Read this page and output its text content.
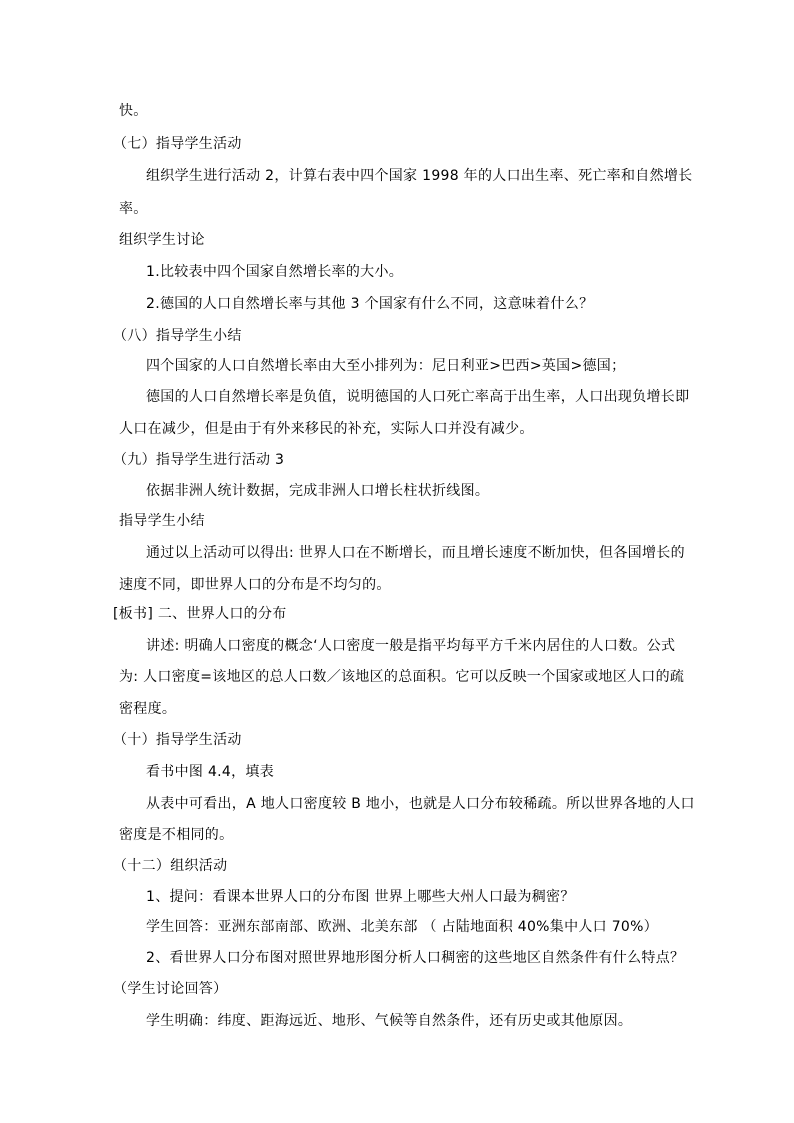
快。
（七）指导学生活动
组织学生进行活动 2，计算右表中四个国家 1998 年的人口出生率、死亡率和自然增长
率。
组织学生讨论
1.比较表中四个国家自然增长率的大小。
2.德国的人口自然增长率与其他 3 个国家有什么不同，这意味着什么？
（八）指导学生小结
四个国家的人口自然增长率由大至小排列为：尼日利亚>巴西>英国>德国；
德国的人口自然增长率是负值，说明德国的人口死亡率高于出生率，人口出现负增长即
人口在减少，但是由于有外来移民的补充，实际人口并没有减少。
（九）指导学生进行活动 3
依据非洲人统计数据，完成非洲人口增长柱状折线图。
指导学生小结
通过以上活动可以得出: 世界人口在不断增长，而且增长速度不断加快，但各国增长的
速度不同，即世界人口的分布是不均匀的。
[板书] 二、世界人口的分布
讲述: 明确人口密度的概念‘人口密度一般是指平均每平方千米内居住的人口数。公式
为: 人口密度=该地区的总人口数／该地区的总面积。它可以反映一个国家或地区人口的疏
密程度。
（十）指导学生活动
看书中图 4.4，填表
从表中可看出，A 地人口密度较 B 地小，也就是人口分布较稀疏。所以世界各地的人口
密度是不相同的。
（十二）组织活动
1、提问：看课本世界人口的分布图 世界上哪些大州人口最为稠密？
学生回答：亚洲东部南部、欧洲、北美东部 （ 占陆地面积 40%集中人口 70%）
2、看世界人口分布图对照世界地形图分析人口稠密的这些地区自然条件有什么特点？
（学生讨论回答）
学生明确：纬度、距海远近、地形、气候等自然条件，还有历史或其他原因。
